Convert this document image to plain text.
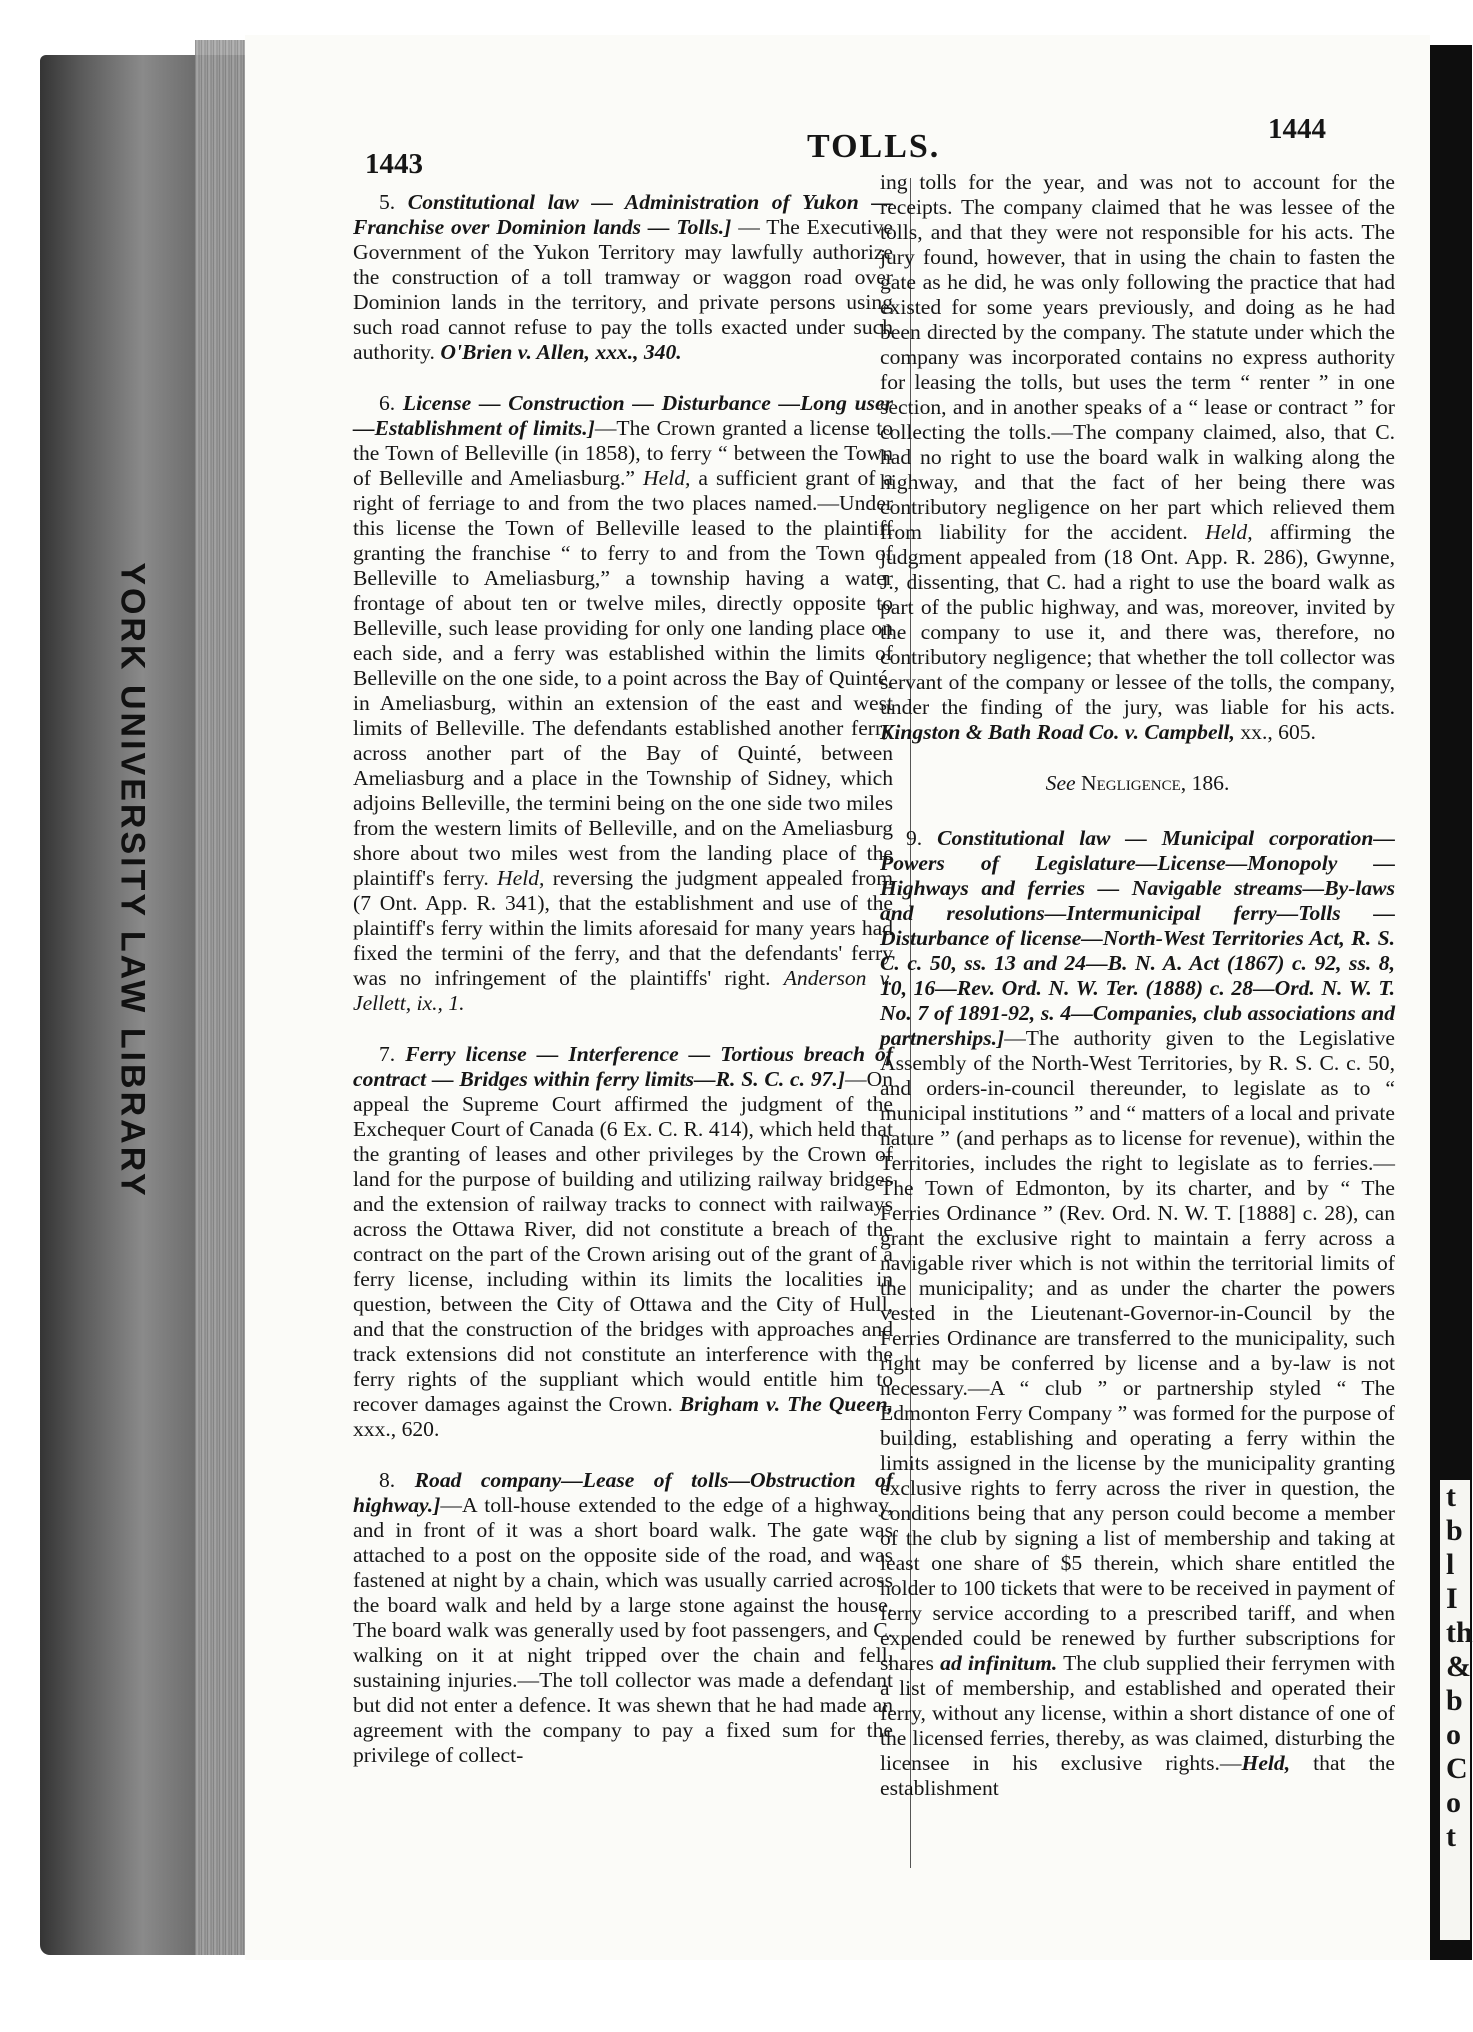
YORK UNIVERSITY LAW LIBRARY
t
b
l
I
th
&
b
o
C
o
t
1443	TOLLS.	1444

5. Constitutional law — Administration of Yukon — Franchise over Dominion lands — Tolls.] — The Executive Government of the Yukon Territory may lawfully authorize the construction of a toll tramway or waggon road over Dominion lands in the territory, and private persons using such road cannot refuse to pay the tolls exacted under such authority. O'Brien v. Allen, xxx., 340.

6. License — Construction — Disturbance —Long user—Establishment of limits.]—The Crown granted a license to the Town of Belleville (in 1858), to ferry “ between the Town of Belleville and Ameliasburg.” Held, a sufficient grant of a right of ferriage to and from the two places named.—Under this license the Town of Belleville leased to the plaintiff granting the franchise “ to ferry to and from the Town of Belleville to Ameliasburg,” a township having a water frontage of about ten or twelve miles, directly opposite to Belleville, such lease providing for only one landing place on each side, and a ferry was established within the limits of Belleville on the one side, to a point across the Bay of Quinté, in Ameliasburg, within an extension of the east and west limits of Belleville. The defendants established another ferry across another part of the Bay of Quinté, between Ameliasburg and a place in the Township of Sidney, which adjoins Belleville, the termini being on the one side two miles from the western limits of Belleville, and on the Ameliasburg shore about two miles west from the landing place of the plaintiff's ferry. Held, reversing the judgment appealed from (7 Ont. App. R. 341), that the establishment and use of the plaintiff's ferry within the limits aforesaid for many years had fixed the termini of the ferry, and that the defendants' ferry was no infringement of the plaintiffs' right. Anderson v. Jellett, ix., 1.

7. Ferry license — Interference — Tortious breach of contract — Bridges within ferry limits—R. S. C. c. 97.]—On appeal the Supreme Court affirmed the judgment of the Exchequer Court of Canada (6 Ex. C. R. 414), which held that the granting of leases and other privileges by the Crown of land for the purpose of building and utilizing railway bridges and the extension of railway tracks to connect with railways across the Ottawa River, did not constitute a breach of the contract on the part of the Crown arising out of the grant of a ferry license, including within its limits the localities in question, between the City of Ottawa and the City of Hull, and that the construction of the bridges with approaches and track extensions did not constitute an interference with the ferry rights of the suppliant which would entitle him to recover damages against the Crown. Brigham v. The Queen, xxx., 620.

8. Road company—Lease of tolls—Obstruction of highway.]—A toll-house extended to the edge of a highway, and in front of it was a short board walk. The gate was attached to a post on the opposite side of the road, and was fastened at night by a chain, which was usually carried across the board walk and held by a large stone against the house. The board walk was generally used by foot passengers, and C. walking on it at night tripped over the chain and fell, sustaining injuries.—The toll collector was made a defendant but did not enter a defence. It was shewn that he had made an agreement with the company to pay a fixed sum for the privilege of collect-

ing tolls for the year, and was not to account for the receipts. The company claimed that he was lessee of the tolls, and that they were not responsible for his acts. The jury found, however, that in using the chain to fasten the gate as he did, he was only following the practice that had existed for some years previously, and doing as he had been directed by the company. The statute under which the company was incorporated contains no express authority for leasing the tolls, but uses the term “ renter ” in one section, and in another speaks of a “ lease or contract ” for collecting the tolls.—The company claimed, also, that C. had no right to use the board walk in walking along the highway, and that the fact of her being there was contributory negligence on her part which relieved them from liability for the accident. Held, affirming the judgment appealed from (18 Ont. App. R. 286), Gwynne, J., dissenting, that C. had a right to use the board walk as part of the public highway, and was, moreover, invited by the company to use it, and there was, therefore, no contributory negligence; that whether the toll collector was servant of the company or lessee of the tolls, the company, under the finding of the jury, was liable for his acts. Kingston & Bath Road Co. v. Campbell, xx., 605.

See Negligence, 186.

9. Constitutional law — Municipal corporation—Powers of Legislature—License—Monopoly — Highways and ferries — Navigable streams—By-laws and resolutions—Intermunicipal ferry—Tolls — Disturbance of license—North-West Territories Act, R. S. C. c. 50, ss. 13 and 24—B. N. A. Act (1867) c. 92, ss. 8, 10, 16—Rev. Ord. N. W. Ter. (1888) c. 28—Ord. N. W. T. No. 7 of 1891-92, s. 4—Companies, club associations and partnerships.]—The authority given to the Legislative Assembly of the North-West Territories, by R. S. C. c. 50, and orders-in-council thereunder, to legislate as to “ municipal institutions ” and “ matters of a local and private nature ” (and perhaps as to license for revenue), within the Territories, includes the right to legislate as to ferries.—The Town of Edmonton, by its charter, and by “ The Ferries Ordinance ” (Rev. Ord. N. W. T. [1888] c. 28), can grant the exclusive right to maintain a ferry across a navigable river which is not within the territorial limits of the municipality; and as under the charter the powers vested in the Lieutenant-Governor-in-Council by the Ferries Ordinance are transferred to the municipality, such right may be conferred by license and a by-law is not necessary.—A “ club ” or partnership styled “ The Edmonton Ferry Company ” was formed for the purpose of building, establishing and operating a ferry within the limits assigned in the license by the municipality granting exclusive rights to ferry across the river in question, the conditions being that any person could become a member of the club by signing a list of membership and taking at least one share of $5 therein, which share entitled the holder to 100 tickets that were to be received in payment of ferry service according to a prescribed tariff, and when expended could be renewed by further subscriptions for shares ad infinitum. The club supplied their ferrymen with a list of membership, and established and operated their ferry, without any license, within a short distance of one of the licensed ferries, thereby, as was claimed, disturbing the licensee in his exclusive rights.—Held, that the establishment
